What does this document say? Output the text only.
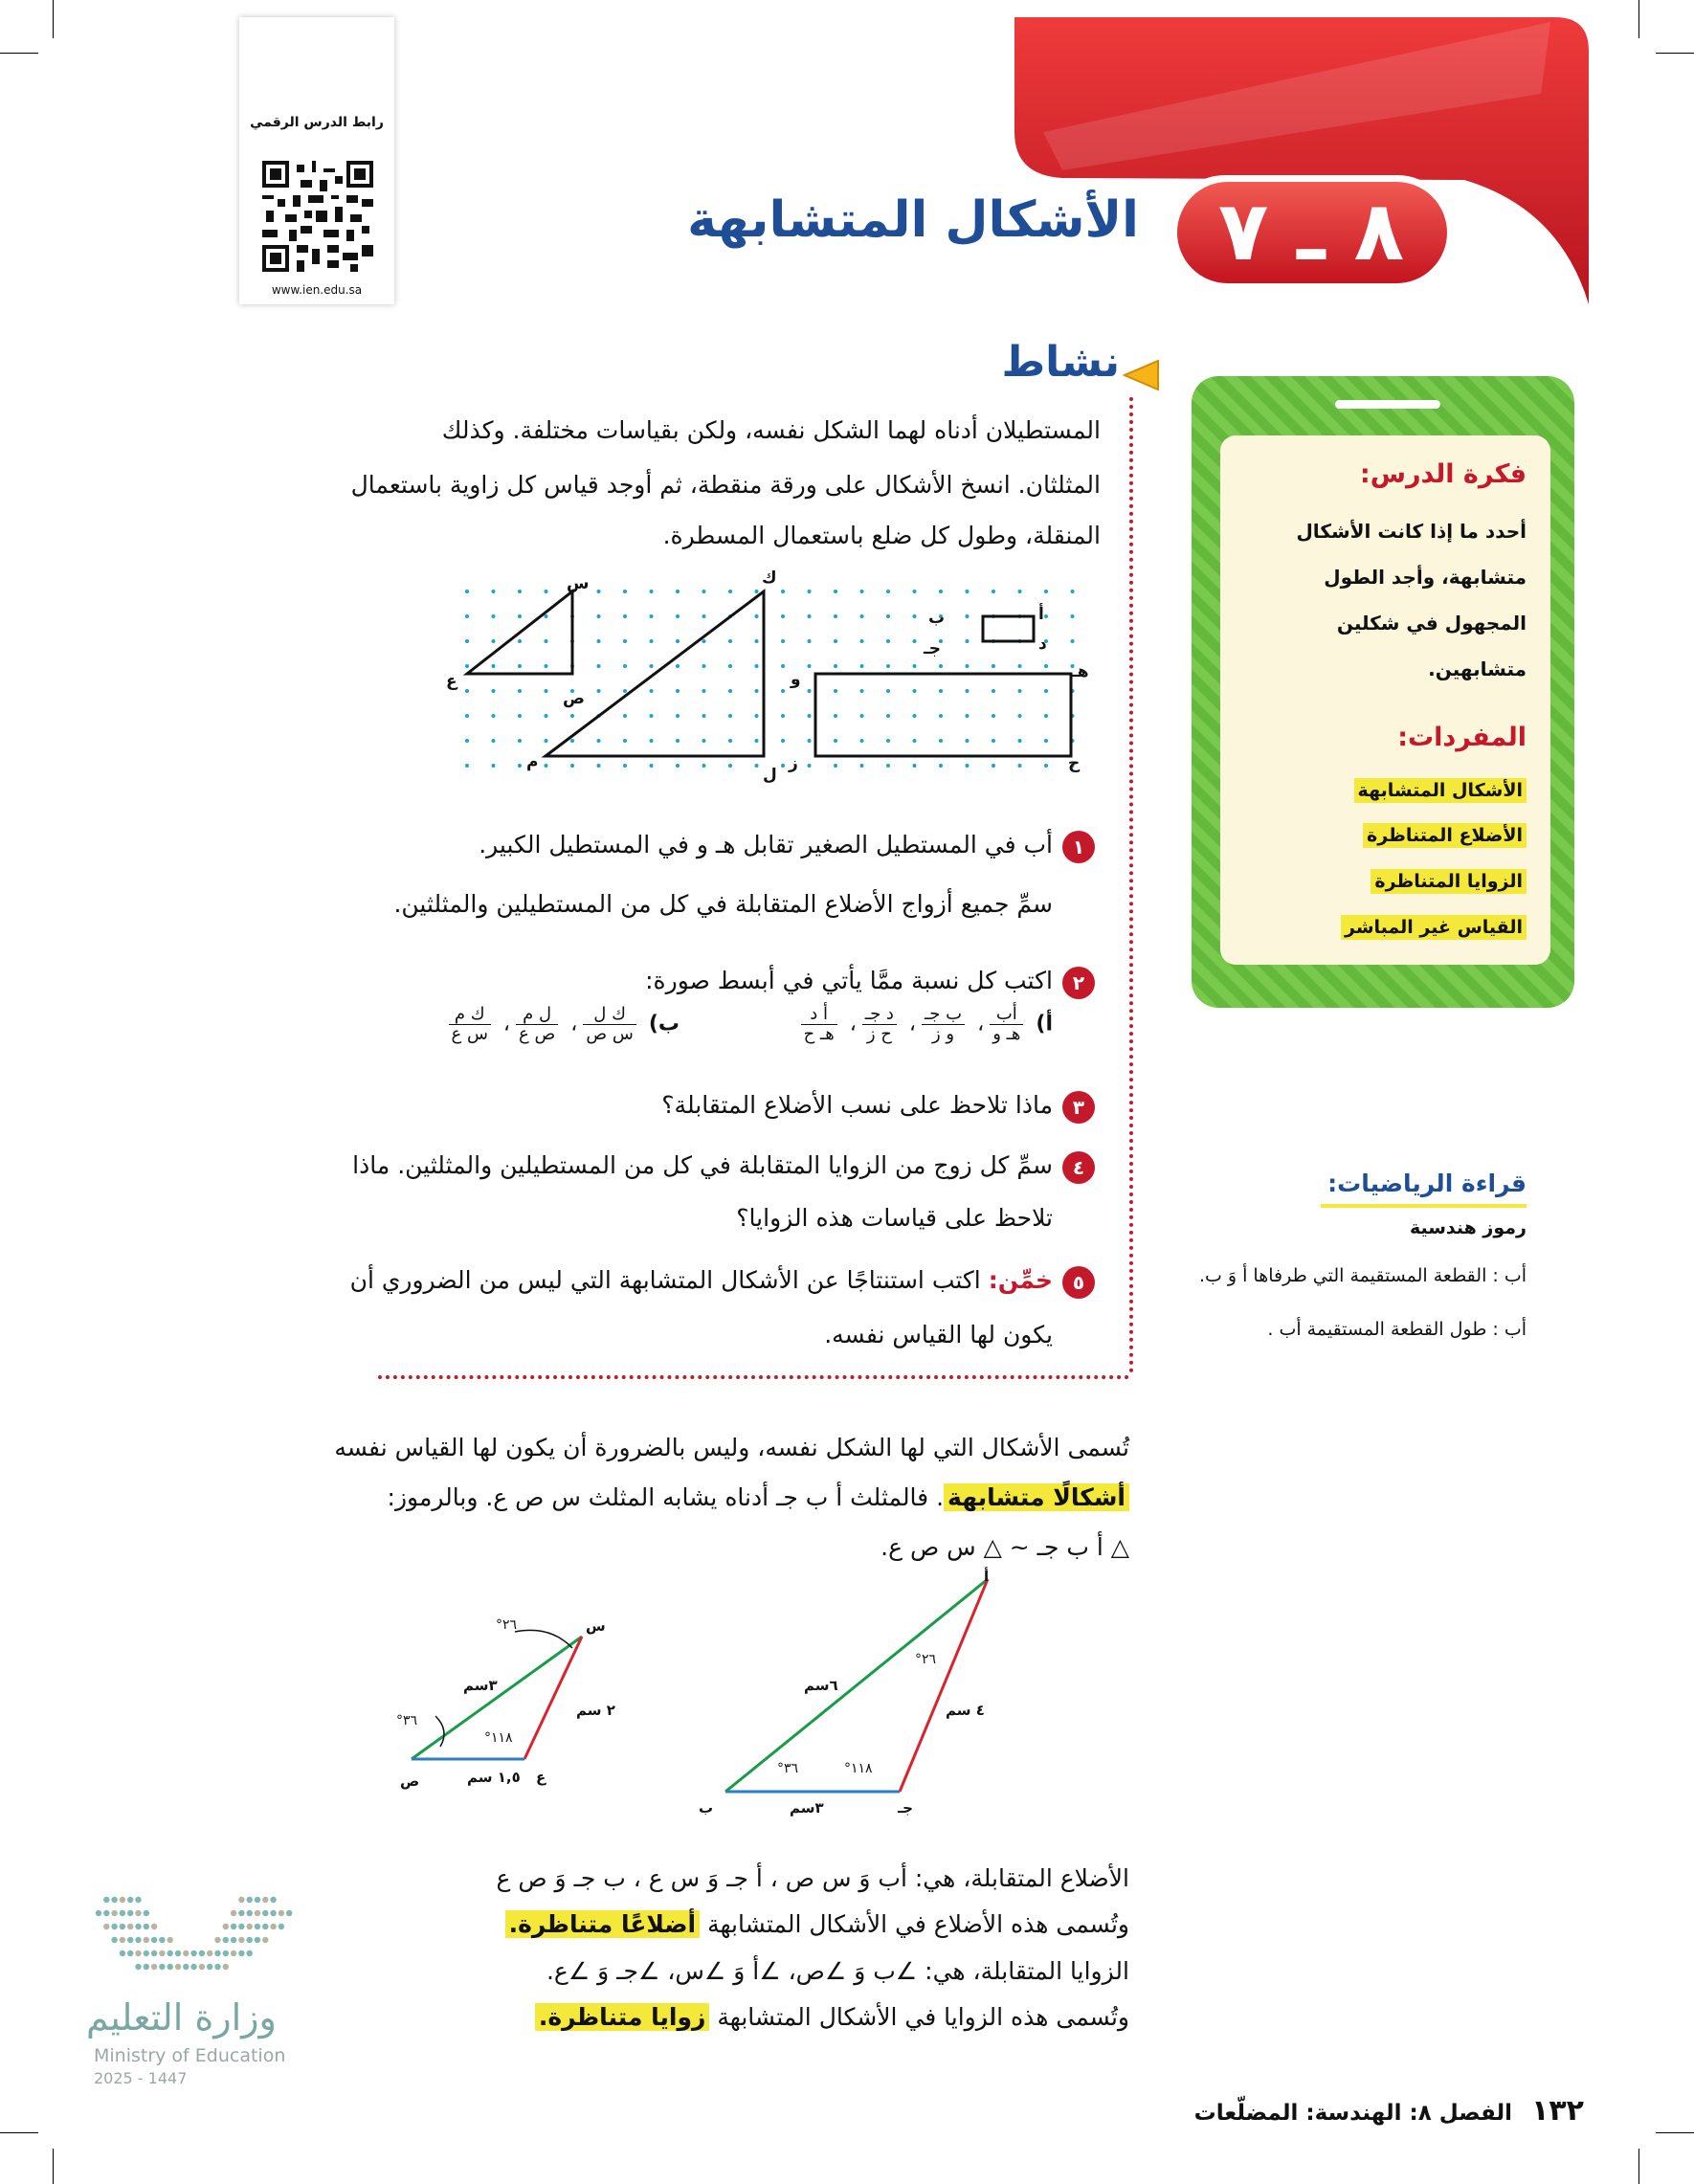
٨ ـ ٧
الأشكال المتشابهة
رابط الدرس الرقمي
www.ien.edu.sa
فكرة الدرس:
أحدد ما إذا كانت الأشكال
متشابهة، وأجد الطول
المجهول في شكلين
متشابهين.
المفردات:
الأشكال المتشابهة
الأضلاع المتناظرة
الزوايا المتناظرة
القياس غير المباشر
قراءة الرياضيات:
رموز هندسية
أب : القطعة المستقيمة التي طرفاها أ وَ ب.
أب : طول القطعة المستقيمة أب .
نشاط
المستطيلان أدناه لهما الشكل نفسه، ولكن بقياسات مختلفة. وكذلك
المثلثان. انسخ الأشكال على ورقة منقطة، ثم أوجد قياس كل زاوية باستعمال
المنقلة، وطول كل ضلع باستعمال المسطرة.
أ
د
ب
جـ
هـ
و
ز	ح
ك
ل
م
س
ص
ع
١
أب في المستطيل الصغير تقابل هـ و في المستطيل الكبير.
سمِّ جميع أزواج الأضلاع المتقابلة في كل من المستطيلين والمثلثين.
٢
اكتب كل نسبة ممَّا يأتي في أبسط صورة:
أ)
$\frac{\text{أب}}{\text{هـ و}}$
،
$\frac{\text{ب جـ}}{\text{و ز}}$
،
$\frac{\text{د جـ}}{\text{ح ز}}$
،
$\frac{\text{أ د}}{\text{هـ ح}}$
ب)
$\frac{\text{ك ل}}{\text{س ص}}$
،
$\frac{\text{ل م}}{\text{ص ع}}$
،
$\frac{\text{ك م}}{\text{س ع}}$
٣
ماذا تلاحظ على نسب الأضلاع المتقابلة؟
٤
سمِّ كل زوج من الزوايا المتقابلة في كل من المستطيلين والمثلثين. ماذا
تلاحظ على قياسات هذه الزوايا؟
٥
خمِّن: اكتب استنتاجًا عن الأشكال المتشابهة التي ليس من الضروري أن
يكون لها القياس نفسه.
تُسمى الأشكال التي لها الشكل نفسه، وليس بالضرورة أن يكون لها القياس نفسه
أشكالًا متشابهة. فالمثلث أ ب جـ أدناه يشابه المثلث س ص ع. وبالرموز:
△ أ ب جـ ~ △ س ص ع.
أ
ب	جـ
٦سم
٤ سم
٣سم
°٢٦
°٣٦	°١١٨
س
ص	ع
٣سم
٢ سم
١,٥ سم
°٢٦
°٣٦
°١١٨
الأضلاع المتقابلة، هي: أب وَ س ص ، أ جـ وَ س ع ، ب جـ وَ ص ع
وتُسمى هذه الأضلاع في الأشكال المتشابهة أضلاعًا متناظرة.
الزوايا المتقابلة، هي: ∠ب وَ ∠ص، ∠أ وَ ∠س، ∠جـ وَ ∠ع.
وتُسمى هذه الزوايا في الأشكال المتشابهة زوايا متناظرة.
وزارة التعليم
Ministry of Education
2025 - 1447
١٣٢ الفصل ٨: الهندسة: المضلّعات
